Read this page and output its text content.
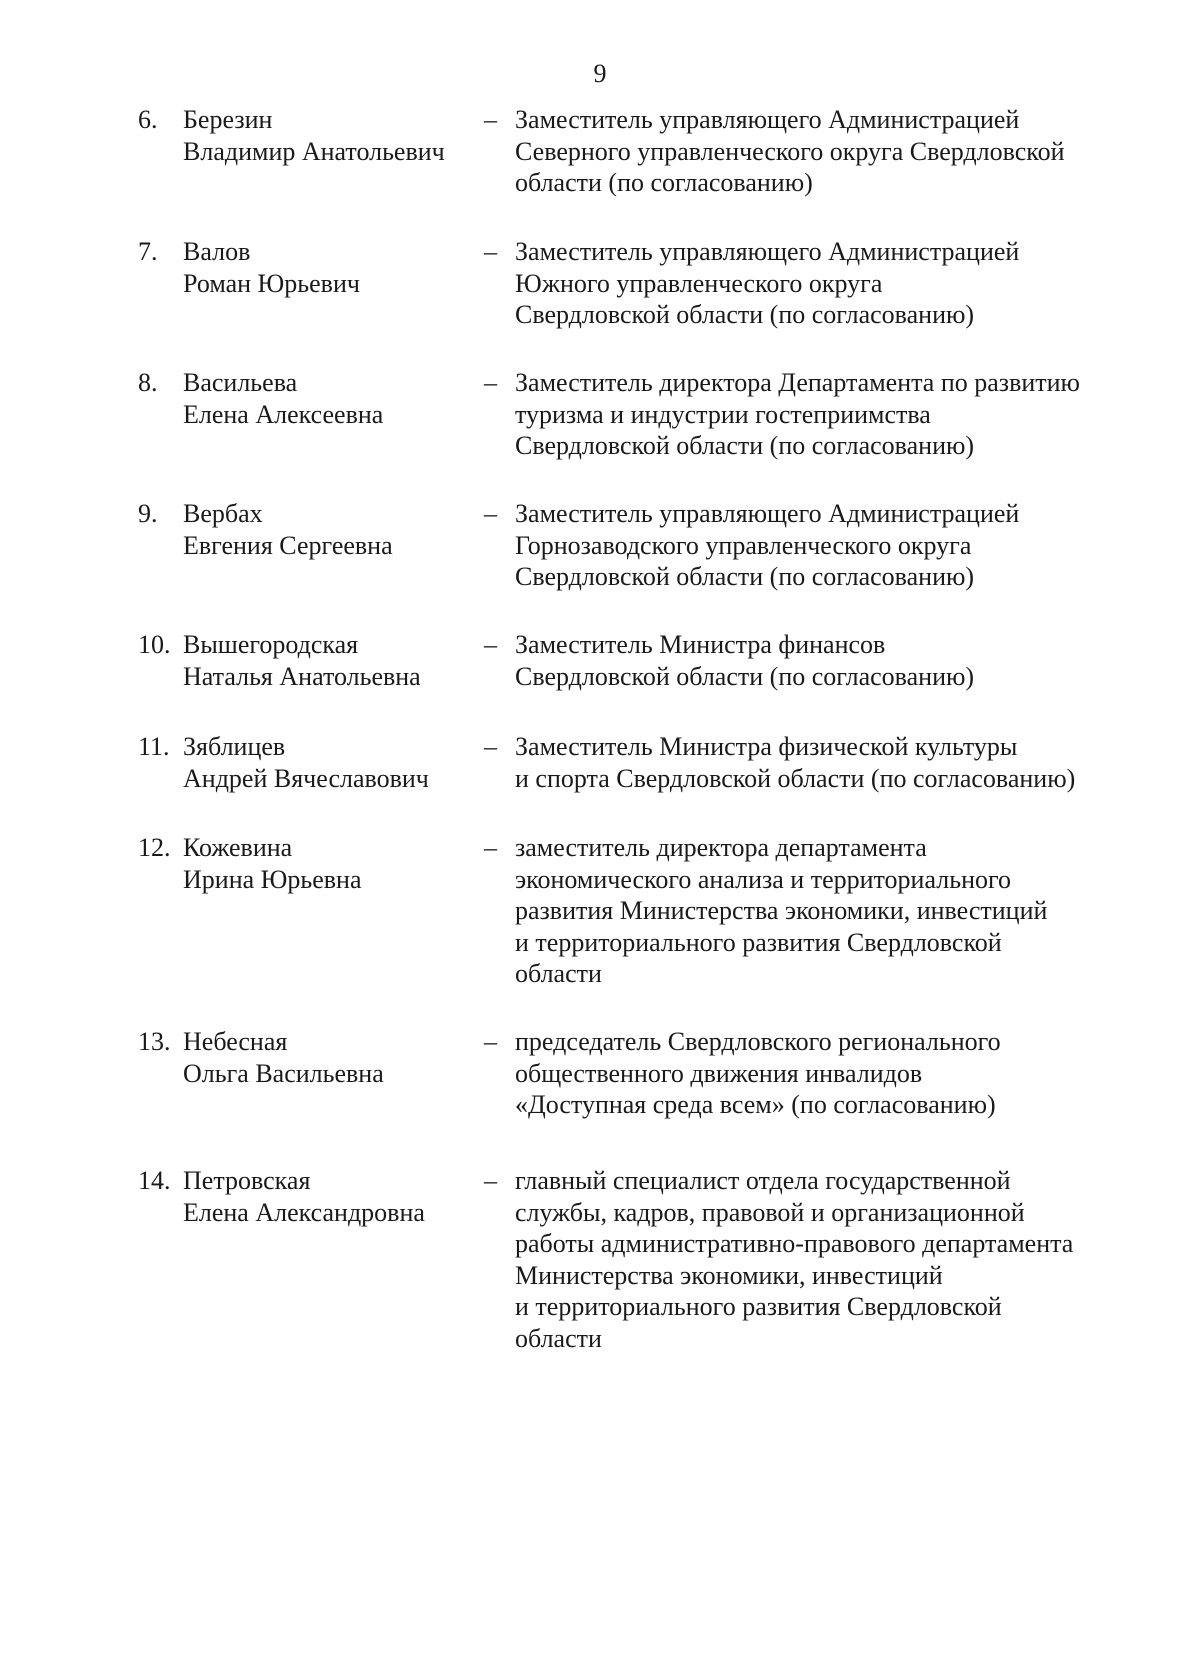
9
6. Березин
Владимир Анатольевич
– Заместитель управляющего Администрацией
Северного управленческого округа Свердловской
области (по согласованию)
7. Валов
Роман Юрьевич
– Заместитель управляющего Администрацией
Южного управленческого округа
Свердловской области (по согласованию)
8. Васильева
Елена Алексеевна
– Заместитель директора Департамента по развитию
туризма и индустрии гостеприимства
Свердловской области (по согласованию)
9. Вербах
Евгения Сергеевна
– Заместитель управляющего Администрацией
Горнозаводского управленческого округа
Свердловской области (по согласованию)
10. Вышегородская
Наталья Анатольевна
– Заместитель Министра финансов
Свердловской области (по согласованию)
11. Зяблицев
Андрей Вячеславович
– Заместитель Министра физической культуры
и спорта Свердловской области (по согласованию)
12. Кожевина
Ирина Юрьевна
– заместитель директора департамента
экономического анализа и территориального
развития Министерства экономики, инвестиций
и территориального развития Свердловской
области
13. Небесная
Ольга Васильевна
– председатель Свердловского регионального
общественного движения инвалидов
«Доступная среда всем» (по согласованию)
14. Петровская
Елена Александровна
– главный специалист отдела государственной
службы, кадров, правовой и организационной
работы административно-правового департамента
Министерства экономики, инвестиций
и территориального развития Свердловской
области
